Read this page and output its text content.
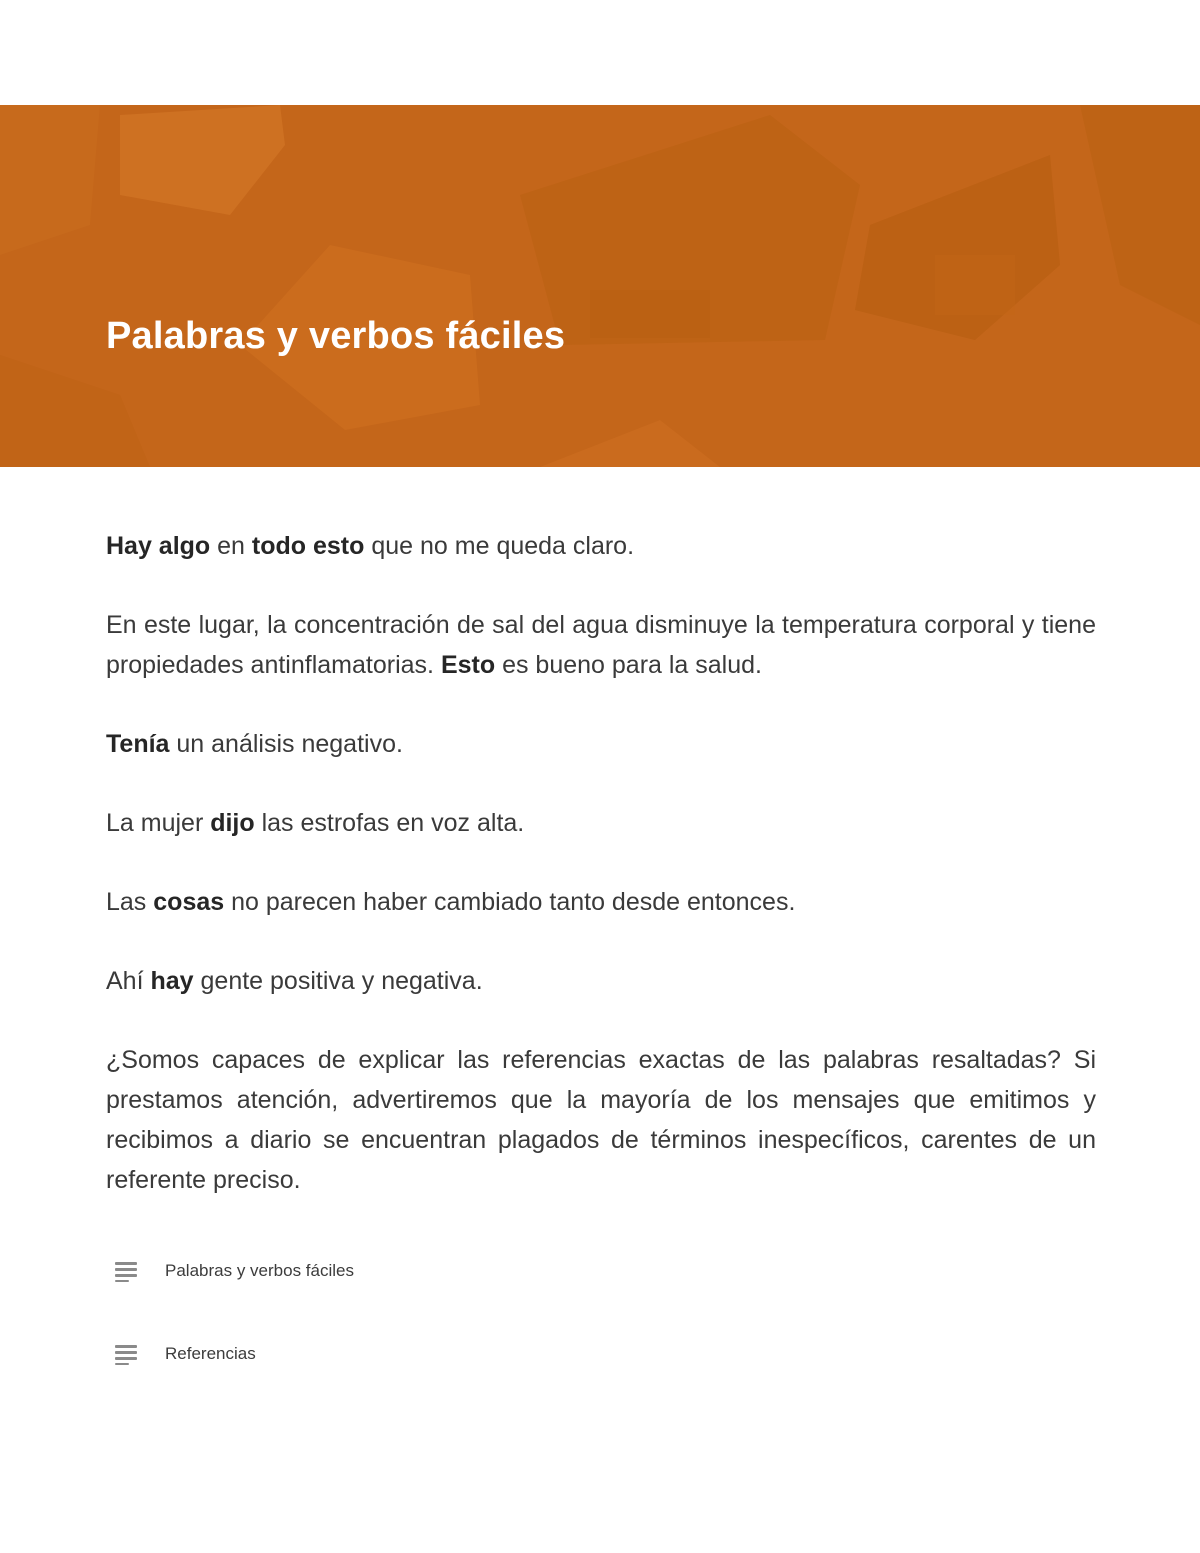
Palabras y verbos fáciles

Hay algo en todo esto que no me queda claro.

En este lugar, la concentración de sal del agua disminuye la temperatura corporal y tiene propiedades antinflamatorias. Esto es bueno para la salud.

Tenía un análisis negativo.

La mujer dijo las estrofas en voz alta.

Las cosas no parecen haber cambiado tanto desde entonces.

Ahí hay gente positiva y negativa.

¿Somos capaces de explicar las referencias exactas de las palabras resaltadas? Si prestamos atención, advertiremos que la mayoría de los mensajes que emitimos y recibimos a diario se encuentran plagados de términos inespecíficos, carentes de un referente preciso.

Palabras y verbos fáciles
Referencias
